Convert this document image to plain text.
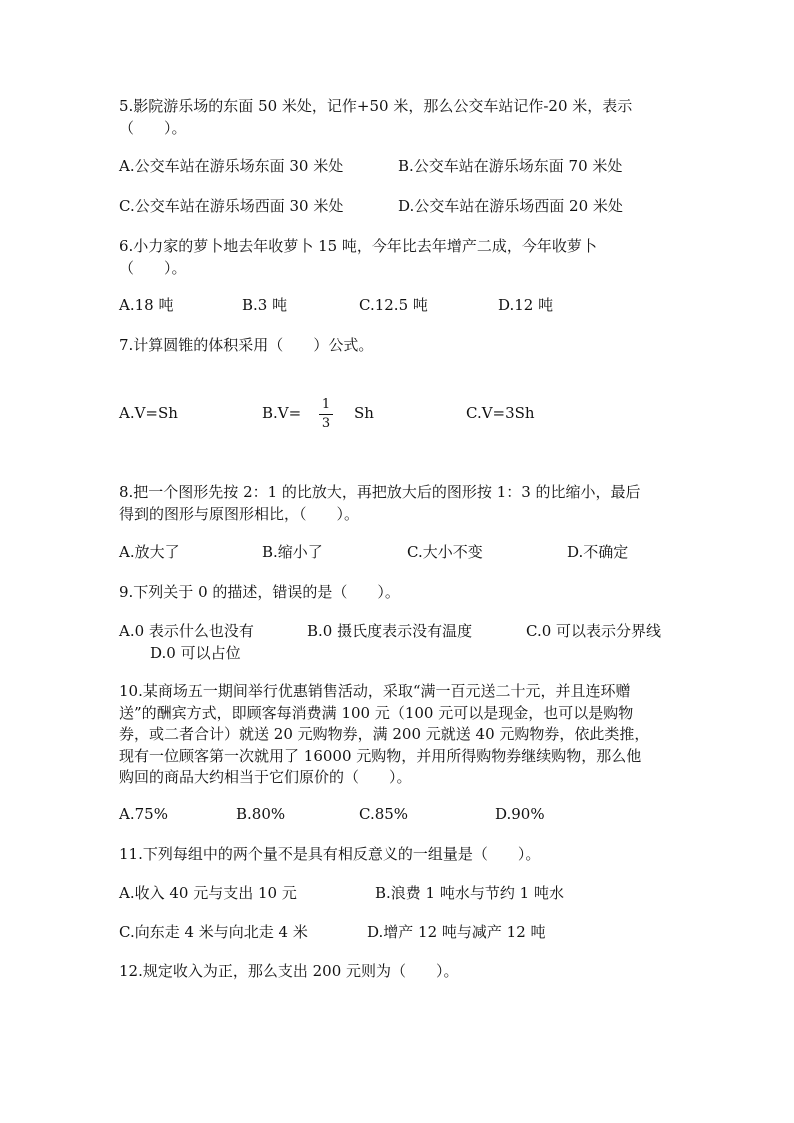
5.影院游乐场的东面 50 米处，记作+50 米，那么公交车站记作-20 米，表示
（　　）。
A.公交车站在游乐场东面 30 米处	B.公交车站在游乐场东面 70 米处
C.公交车站在游乐场西面 30 米处	D.公交车站在游乐场西面 20 米处
6.小力家的萝卜地去年收萝卜 15 吨，今年比去年增产二成，今年收萝卜
（　　）。
A.18 吨	B.3 吨	C.12.5 吨	D.12 吨
7.计算圆锥的体积采用（　　）公式。
A.V=Sh	B.V= 1
3
Sh	C.V=3Sh
8.把一个图形先按 2：1 的比放大，再把放大后的图形按 1：3 的比缩小，最后
得到的图形与原图形相比，（　　）。
A.放大了	B.缩小了	C.大小不变	D.不确定
9.下列关于 0 的描述，错误的是（　　）。
A.0 表示什么也没有	B.0 摄氏度表示没有温度	C.0 可以表示分界线
D.0 可以占位
10.某商场五一期间举行优惠销售活动，采取“满一百元送二十元，并且连环赠
送”的酬宾方式，即顾客每消费满 100 元（100 元可以是现金，也可以是购物
券，或二者合计）就送 20 元购物券，满 200 元就送 40 元购物券，依此类推，
现有一位顾客第一次就用了 16000 元购物，并用所得购物券继续购物，那么他
购回的商品大约相当于它们原价的（　　）。
A.75%	B.80%	C.85%	D.90%
11.下列每组中的两个量不是具有相反意义的一组量是（　　）。
A.收入 40 元与支出 10 元	B.浪费 1 吨水与节约 1 吨水
C.向东走 4 米与向北走 4 米	D.增产 12 吨与减产 12 吨
12.规定收入为正，那么支出 200 元则为（　　）。
